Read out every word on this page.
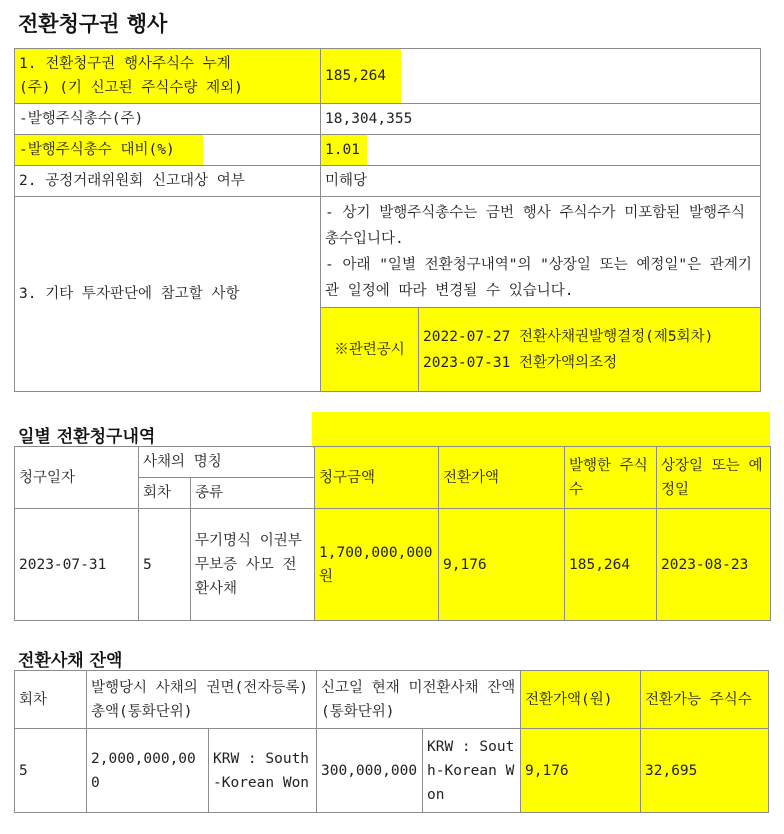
전환청구권 행사
1. 전환청구권 행사주식수 누계
(주) (기 신고된 주식수량 제외)	185,264	

-발행주식총수(주)	18,304,355	
-발행주식총수 대비(%)	1.01	
2. 공정거래위원회 신고대상 여부	미해당	
3. 기타 투자판단에 참고할 사항	- 상기 발행주식총수는 금번 행사 주식수가 미포함된 발행주식 총수입니다.
- 아래 "일별 전환청구내역"의 "상장일 또는 예정일"은 관계기관 일정에 따라 변경될 수 있습니다.	

	※관련공시	2022-07-27 전환사채권발행결정(제5회차)
2023-07-31 전환가액의조정
일별 전환청구내역
청구일자	사채의 명칭		청구금액	전환가액	발행한 주식수	상장일 또는 예정일
	회차	종류				
2023-07-31	5	무기명식 이권부 무보증 사모 전환사채	1,700,000,000원	9,176	185,264	2023-08-23
전환사채 잔액
회차	발행당시 사채의 권면(전자등록)총액(통화단위)		신고일 현재 미전환사채 잔액 (통화단위)		전환가액(원)	전환가능 주식수
5	2,000,000,000	KRW : South-Korean Won	300,000,000	KRW : South-Korean Won	9,176	32,695
